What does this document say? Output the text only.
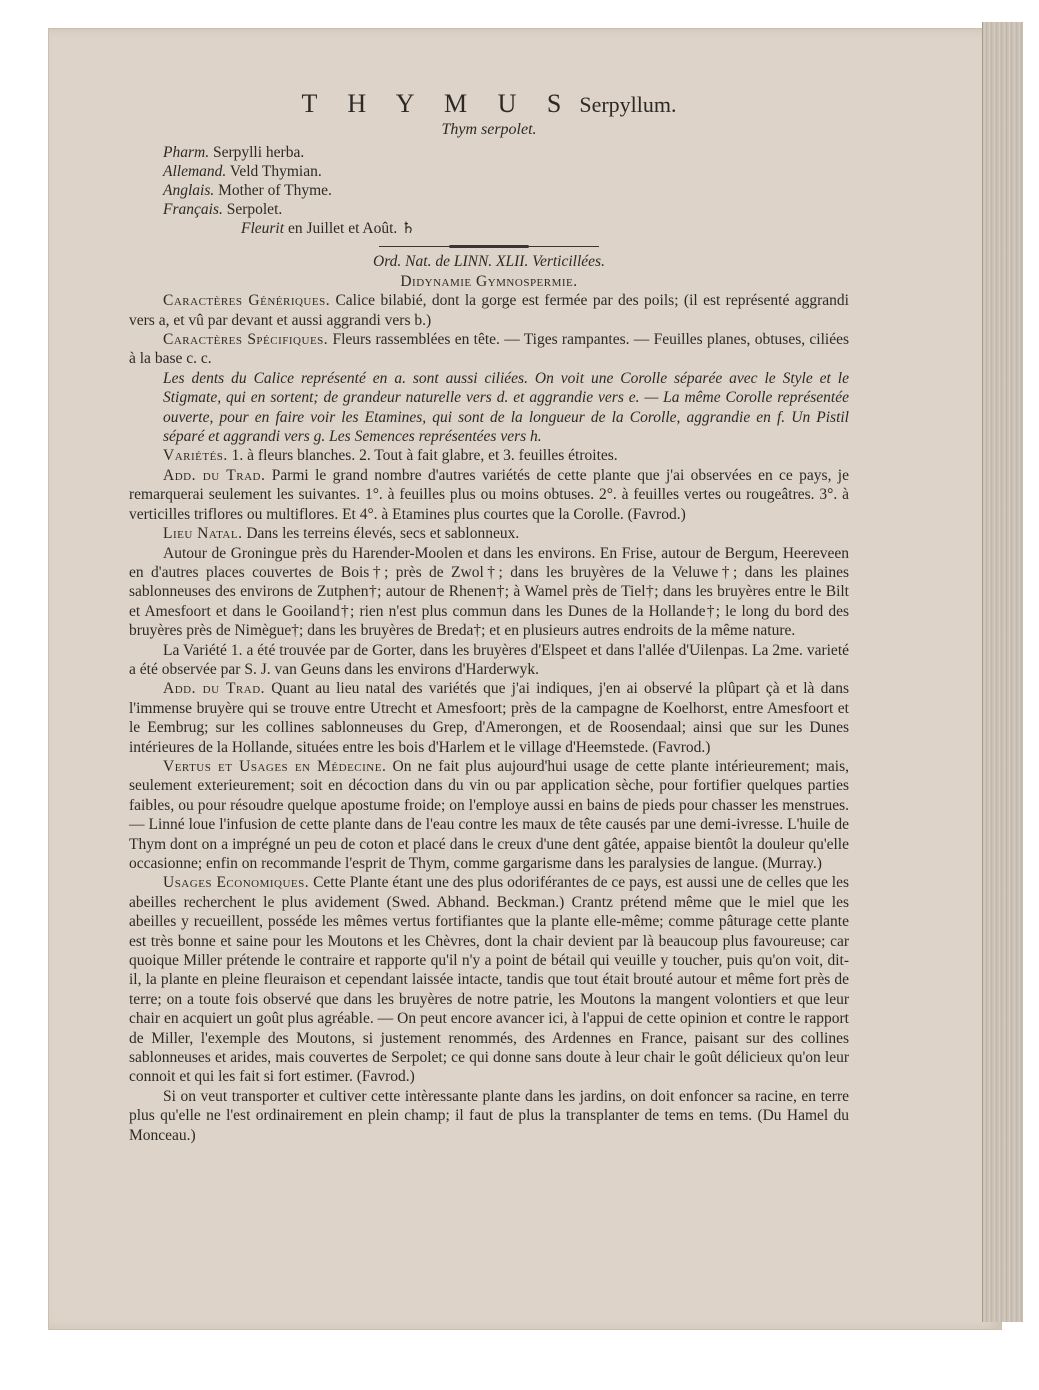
T H Y M U S Serpyllum.
Thym serpolet.
Pharm. Serpylli herba.
Allemand. Veld Thymian.
Anglais. Mother of Thyme.
Français. Serpolet.
Fleurit en Juillet et Août. ♄
Ord. Nat. de LINN. XLII. Verticillées.
Didynamie Gymnospermie.

Caractères Génériques. Calice bilabié, dont la gorge est fermée par des poils; (il est représenté aggrandi vers a, et vû par devant et aussi aggrandi vers b.)

Caractères Spécifiques. Fleurs rassemblées en tête. — Tiges rampantes. — Feuilles planes, obtuses, ciliées à la base c. c.

Les dents du Calice représenté en a. sont aussi ciliées. On voit une Corolle séparée avec le Style et le Stigmate, qui en sortent; de grandeur naturelle vers d. et aggrandie vers e. — La même Corolle représentée ouverte, pour en faire voir les Etamines, qui sont de la longueur de la Corolle, aggrandie en f. Un Pistil séparé et aggrandi vers g. Les Semences représentées vers h.

Variétés. 1. à fleurs blanches. 2. Tout à fait glabre, et 3. feuilles étroites.

Add. du Trad. Parmi le grand nombre d'autres variétés de cette plante que j'ai observées en ce pays, je remarquerai seulement les suivantes. 1°. à feuilles plus ou moins obtuses. 2°. à feuilles vertes ou rougeâtres. 3°. à verticilles triflores ou multiflores. Et 4°. à Etamines plus courtes que la Corolle. (Favrod.)

Lieu Natal. Dans les terreins élevés, secs et sablonneux.

Autour de Groningue près du Harender-Moolen et dans les environs. En Frise, autour de Bergum, Heereveen en d'autres places couvertes de Bois†; près de Zwol†; dans les bruyères de la Veluwe†; dans les plaines sablonneuses des environs de Zutphen†; autour de Rhenen†; à Wamel près de Tiel†; dans les bruyères entre le Bilt et Amesfoort et dans le Gooiland†; rien n'est plus commun dans les Dunes de la Hollande†; le long du bord des bruyères près de Nimègue†; dans les bruyères de Breda†; et en plusieurs autres endroits de la même nature.

La Variété 1. a été trouvée par de Gorter, dans les bruyères d'Elspeet et dans l'allée d'Uilenpas. La 2me. varieté a été observée par S. J. van Geuns dans les environs d'Harderwyk.

Add. du Trad. Quant au lieu natal des variétés que j'ai indiques, j'en ai observé la plûpart çà et là dans l'immense bruyère qui se trouve entre Utrecht et Amesfoort; près de la campagne de Koelhorst, entre Amesfoort et le Eembrug; sur les collines sablonneuses du Grep, d'Amerongen, et de Roosendaal; ainsi que sur les Dunes intérieures de la Hollande, situées entre les bois d'Harlem et le village d'Heemstede. (Favrod.)

Vertus et Usages en Médecine. On ne fait plus aujourd'hui usage de cette plante intérieurement; mais, seulement exterieurement; soit en décoction dans du vin ou par application sèche, pour fortifier quelques parties faibles, ou pour résoudre quelque apostume froide; on l'employe aussi en bains de pieds pour chasser les menstrues. — Linné loue l'infusion de cette plante dans de l'eau contre les maux de tête causés par une demi-ivresse. L'huile de Thym dont on a imprégné un peu de coton et placé dans le creux d'une dent gâtée, appaise bientôt la douleur qu'elle occasionne; enfin on recommande l'esprit de Thym, comme gargarisme dans les paralysies de langue. (Murray.)

Usages Economiques. Cette Plante étant une des plus odoriférantes de ce pays, est aussi une de celles que les abeilles recherchent le plus avidement (Swed. Abhand. Beckman.) Crantz prétend même que le miel que les abeilles y recueillent, posséde les mêmes vertus fortifiantes que la plante elle-même; comme pâturage cette plante est très bonne et saine pour les Moutons et les Chèvres, dont la chair devient par là beaucoup plus favoureuse; car quoique Miller prétende le contraire et rapporte qu'il n'y a point de bétail qui veuille y toucher, puis qu'on voit, dit-il, la plante en pleine fleuraison et cependant laissée intacte, tandis que tout était brouté autour et même fort près de terre; on a toute fois observé que dans les bruyères de notre patrie, les Moutons la mangent volontiers et que leur chair en acquiert un goût plus agréable. — On peut encore avancer ici, à l'appui de cette opinion et contre le rapport de Miller, l'exemple des Moutons, si justement renommés, des Ardennes en France, paisant sur des collines sablonneuses et arides, mais couvertes de Serpolet; ce qui donne sans doute à leur chair le goût délicieux qu'on leur connoit et qui les fait si fort estimer. (Favrod.)

Si on veut transporter et cultiver cette intèressante plante dans les jardins, on doit enfoncer sa racine, en terre plus qu'elle ne l'est ordinairement en plein champ; il faut de plus la transplanter de tems en tems. (Du Hamel du Monceau.)
